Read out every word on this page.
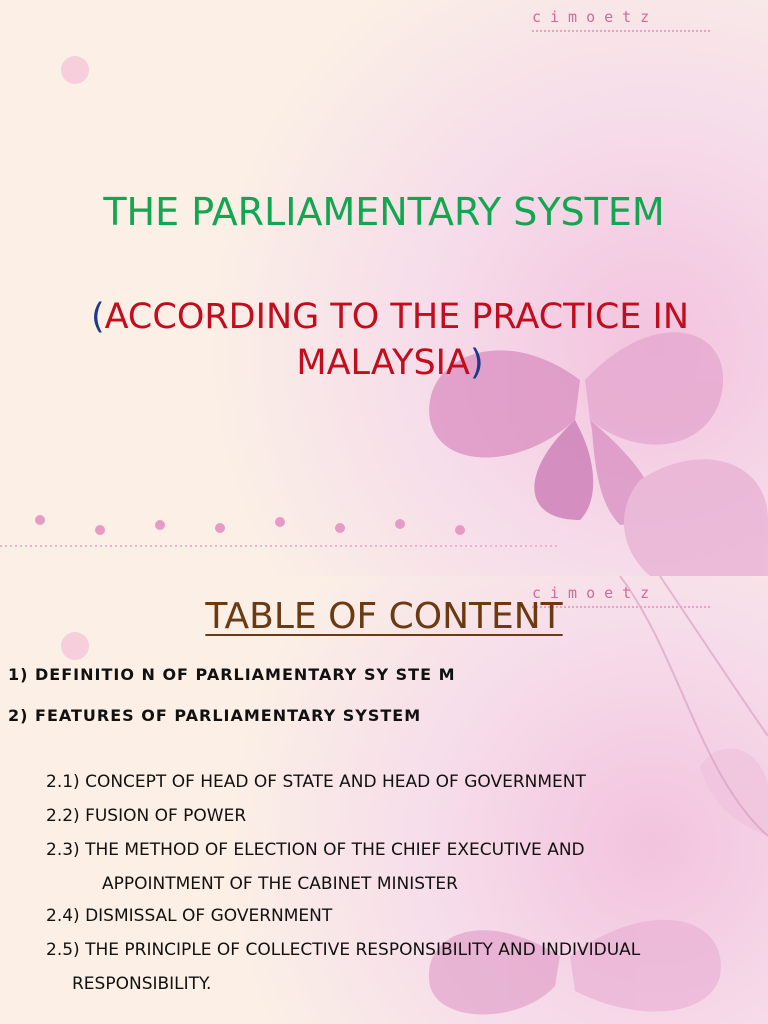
cimoetz
THE PARLIAMENTARY SYSTEM
(ACCORDING TO THE PRACTICE IN
MALAYSIA)
cimoetz
TABLE OF CONTENT
1) DEFINITIO N OF PARLIAMENTARY SY STE M
2) FEATURES OF PARLIAMENTARY SYSTEM
2.1) CONCEPT OF HEAD OF STATE AND HEAD OF GOVERNMENT
2.2) FUSION OF POWER
2.3) THE METHOD OF ELECTION OF THE CHIEF EXECUTIVE AND
APPOINTMENT OF THE CABINET MINISTER
2.4) DISMISSAL OF GOVERNMENT
2.5) THE PRINCIPLE OF COLLECTIVE RESPONSIBILITY AND INDIVIDUAL
RESPONSIBILITY.
